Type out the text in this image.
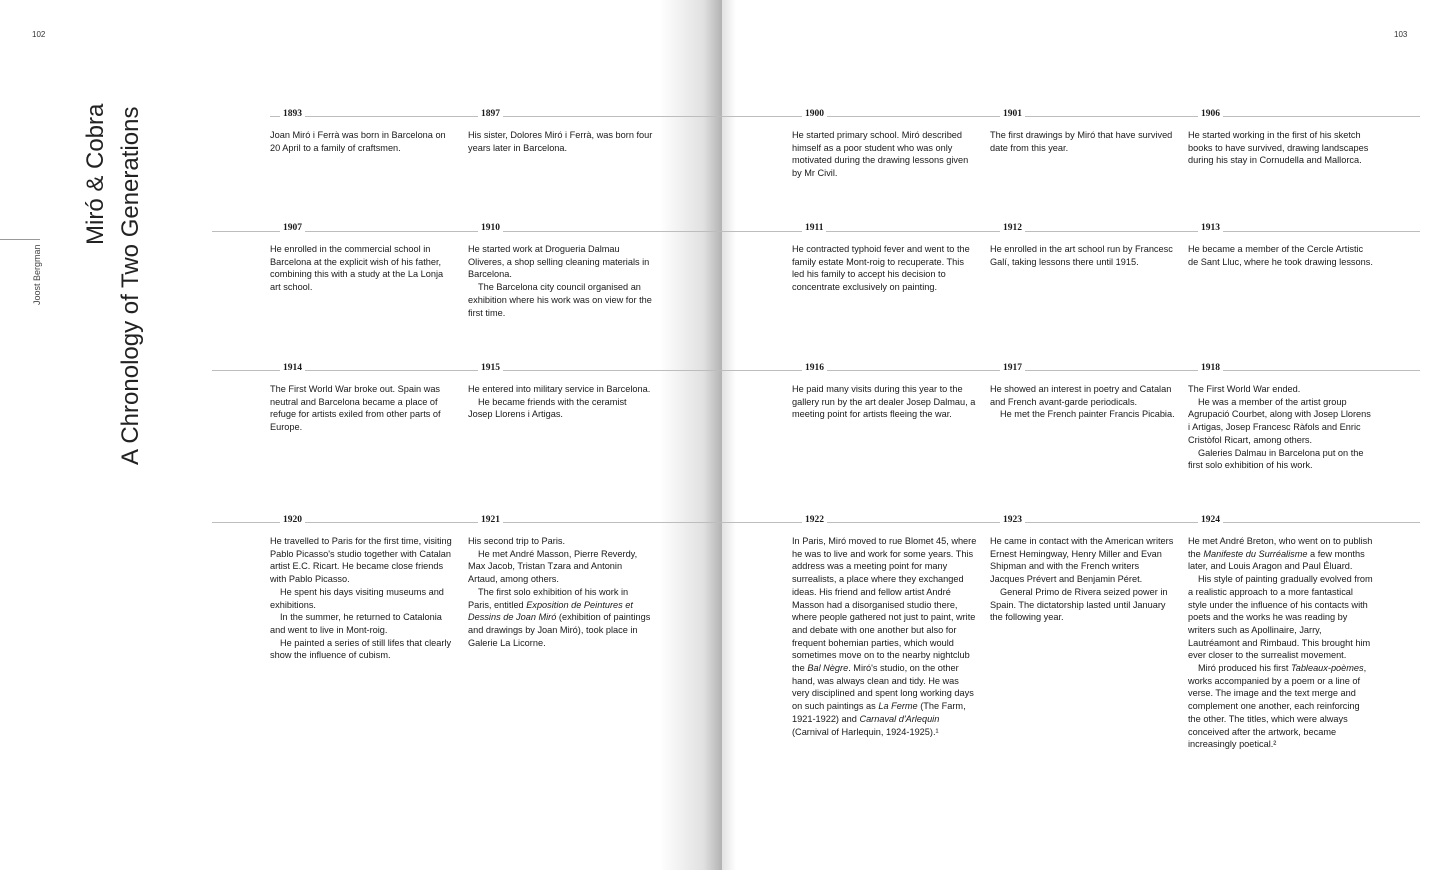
102	103
Joost Bergman
Miró & Cobra A Chronology of Two Generations	1893

Joan Miró i Ferrà was born in Barcelona on 20 April to a family of craftsmen.

1897

His sister, Dolores Miró i Ferrà, was born four years later in Barcelona.

1900

He started primary school. Miró described himself as a poor student who was only motivated during the drawing lessons given by Mr Civil.

1901

The first drawings by Miró that have survived date from this year.

1906

He started working in the first of his sketch books to have survived, drawing landscapes during his stay in Cornudella and Mallorca.

1907

He enrolled in the commercial school in Barcelona at the explicit wish of his father, combining this with a study at the La Lonja art school.

1910

He started work at Drogueria Dalmau Oliveres, a shop selling cleaning materials in Barcelona.

The Barcelona city council organised an exhibition where his work was on view for the first time.

1911

He contracted typhoid fever and went to the family estate Mont-roig to recuperate. This led his family to accept his decision to concentrate exclusively on painting.

1912

He enrolled in the art school run by Francesc Galí, taking lessons there until 1915.

1913

He became a member of the Cercle Artistic de Sant Lluc, where he took drawing lessons.

1914

The First World War broke out. Spain was neutral and Barcelona became a place of refuge for artists exiled from other parts of Europe.

1915

He entered into military service in Barcelona.

He became friends with the ceramist Josep Llorens i Artigas.

1916

He paid many visits during this year to the gallery run by the art dealer Josep Dalmau, a meeting point for artists fleeing the war.

1917

He showed an interest in poetry and Catalan and French avant-garde periodicals.

He met the French painter Francis Picabia.

1918

The First World War ended.

He was a member of the artist group Agrupació Courbet, along with Josep Llorens i Artigas, Josep Francesc Ràfols and Enric Cristòfol Ricart, among others.

Galeries Dalmau in Barcelona put on the first solo exhibition of his work.

1920

He travelled to Paris for the first time, visiting Pablo Picasso's studio together with Catalan artist E.C. Ricart. He became close friends with Pablo Picasso.

He spent his days visiting museums and exhibitions.

In the summer, he returned to Catalonia and went to live in Mont-roig.

He painted a series of still lifes that clearly show the influence of cubism.

1921

His second trip to Paris.

He met André Masson, Pierre Reverdy, Max Jacob, Tristan Tzara and Antonin Artaud, among others.

The first solo exhibition of his work in Paris, entitled Exposition de Peintures et Dessins de Joan Miró (exhibition of paintings and drawings by Joan Miró), took place in Galerie La Licorne.

1922

In Paris, Miró moved to rue Blomet 45, where he was to live and work for some years. This address was a meeting point for many surrealists, a place where they exchanged ideas. His friend and fellow artist André Masson had a disorganised studio there, where people gathered not just to paint, write and debate with one another but also for frequent bohemian parties, which would sometimes move on to the nearby nightclub the Bal Nègre. Miró's studio, on the other hand, was always clean and tidy. He was very disciplined and spent long working days on such paintings as La Ferme (The Farm, 1921-1922) and Carnaval d'Arlequin (Carnival of Harlequin, 1924-1925).¹

1923

He came in contact with the American writers Ernest Hemingway, Henry Miller and Evan Shipman and with the French writers Jacques Prévert and Benjamin Péret.

General Primo de Rivera seized power in Spain. The dictatorship lasted until January the following year.

1924

He met André Breton, who went on to publish the Manifeste du Surréalisme a few months later, and Louis Aragon and Paul Éluard.

His style of painting gradually evolved from a realistic approach to a more fantastical style under the influence of his contacts with poets and the works he was reading by writers such as Apollinaire, Jarry, Lautréamont and Rimbaud. This brought him ever closer to the surrealist movement.

Miró produced his first Tableaux-poèmes, works accompanied by a poem or a line of verse. The image and the text merge and complement one another, each reinforcing the other. The titles, which were always conceived after the artwork, became increasingly poetical.²
